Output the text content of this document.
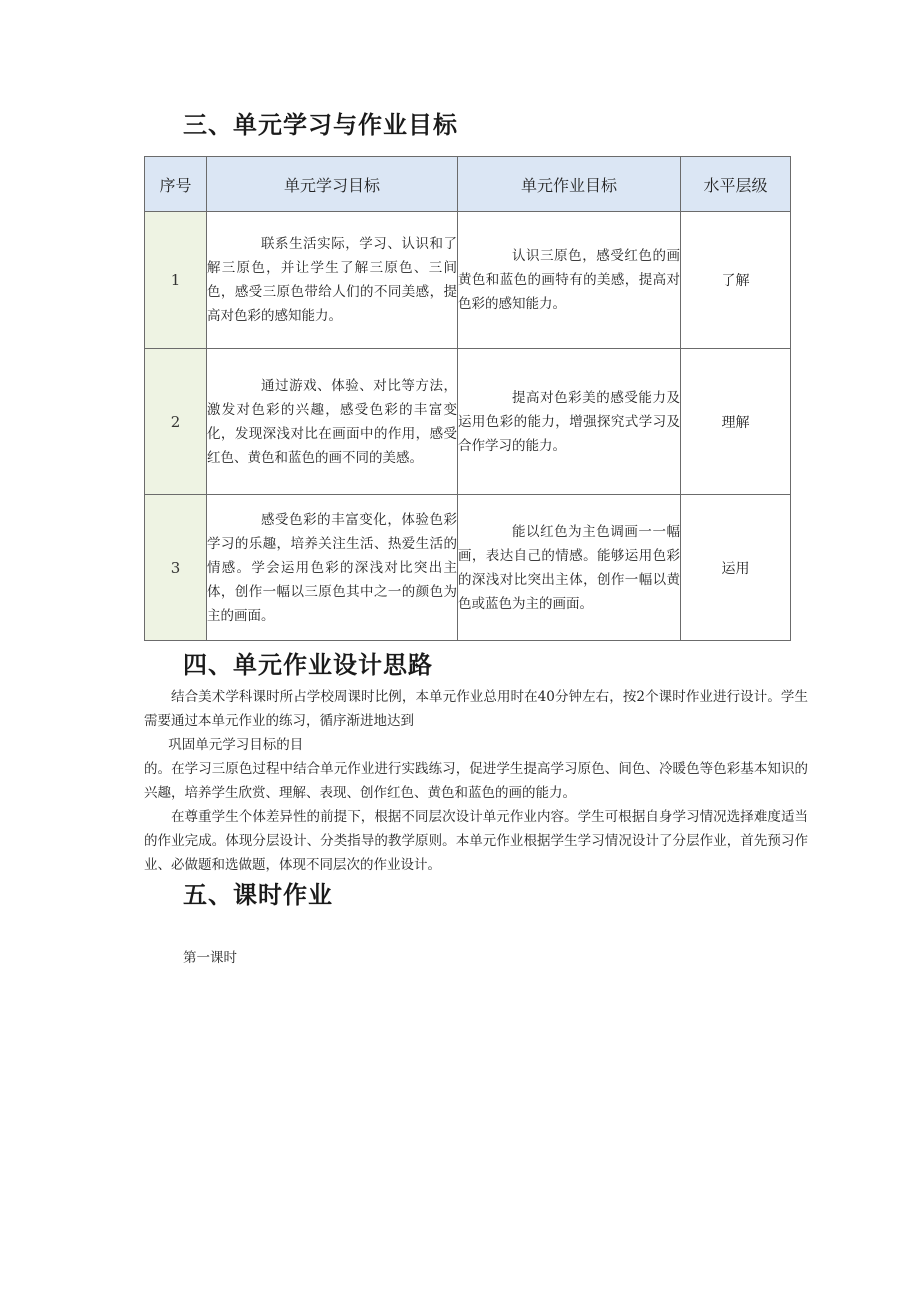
三、单元学习与作业目标
序号	单元学习目标	单元作业目标	水平层级
1	联系生活实际，学习、认识和了解三原色，并让学生了解三原色、三间色，感受三原色带给人们的不同美感，提高对色彩的感知能力。	认识三原色，感受红色的画黄色和蓝色的画特有的美感，提高对色彩的感知能力。	了解
2	通过游戏、体验、对比等方法，激发对色彩的兴趣，感受色彩的丰富变化，发现深浅对比在画面中的作用，感受红色、黄色和蓝色的画不同的美感。	提高对色彩美的感受能力及运用色彩的能力，增强探究式学习及合作学习的能力。	理解
3	感受色彩的丰富变化，体验色彩学习的乐趣，培养关注生活、热爱生活的情感。学会运用色彩的深浅对比突出主体，创作一幅以三原色其中之一的颜色为主的画面。	能以红色为主色调画一一幅画，表达自己的情感。能够运用色彩的深浅对比突出主体，创作一幅以黄色或蓝色为主的画面。	运用
四、单元作业设计思路

结合美术学科课时所占学校周课时比例，本单元作业总用时在40分钟左右，按2个课时作业进行设计。学生需要通过本单元作业的练习，循序渐进地达到

巩固单元学习目标的目

的。在学习三原色过程中结合单元作业进行实践练习，促进学生提高学习原色、间色、冷暖色等色彩基本知识的兴趣，培养学生欣赏、理解、表现、创作红色、黄色和蓝色的画的能力。

在尊重学生个体差异性的前提下，根据不同层次设计单元作业内容。学生可根据自身学习情况选择难度适当的作业完成。体现分层设计、分类指导的教学原则。本单元作业根据学生学习情况设计了分层作业，首先预习作业、必做题和选做题，体现不同层次的作业设计。

五、课时作业

第一课时
